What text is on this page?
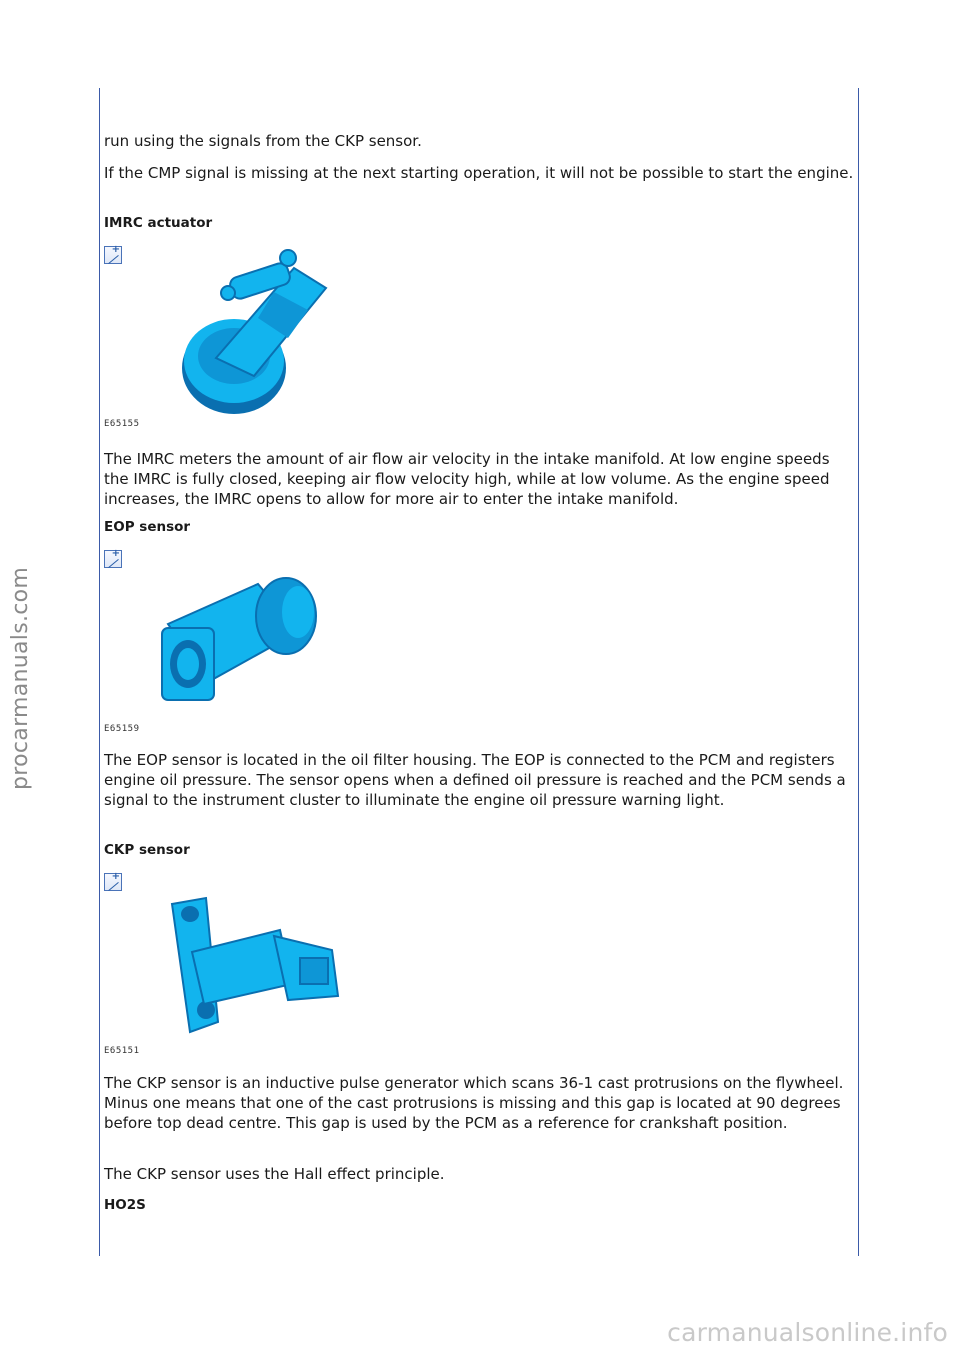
procarmanuals.com
carmanualsonline.info

run using the signals from the CKP sensor.

If the CMP signal is missing at the next starting operation, it will not be possible to start the engine.

IMRC actuator
+
E65155

The IMRC meters the amount of air flow air velocity in the intake manifold. At low engine speeds the IMRC is fully closed, keeping air flow velocity high, while at low volume. As the engine speed increases, the IMRC opens to allow for more air to enter the intake manifold.

EOP sensor
+
E65159

The EOP sensor is located in the oil filter housing. The EOP is connected to the PCM and registers engine oil pressure. The sensor opens when a defined oil pressure is reached and the PCM sends a signal to the instrument cluster to illuminate the engine oil pressure warning light.

CKP sensor
+
E65151

The CKP sensor is an inductive pulse generator which scans 36-1 cast protrusions on the flywheel. Minus one means that one of the cast protrusions is missing and this gap is located at 90 degrees before top dead centre. This gap is used by the PCM as a reference for crankshaft position.

The CKP sensor uses the Hall effect principle.

HO2S
